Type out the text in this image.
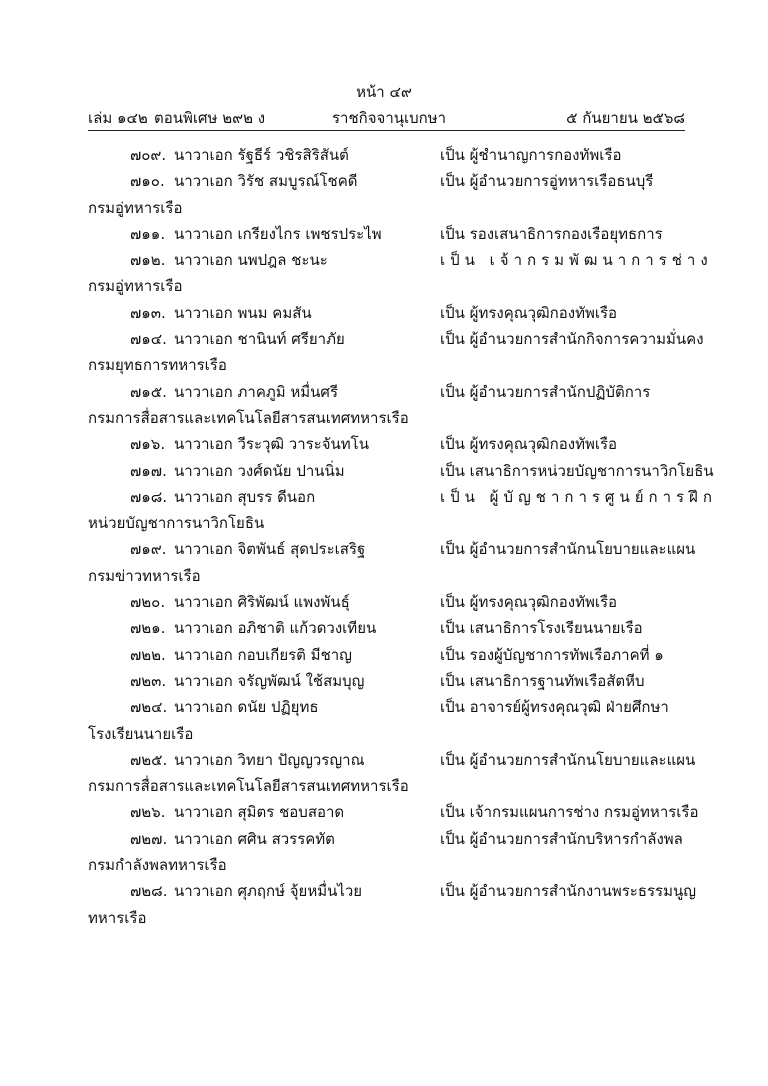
หน้า ๔๙
เล่ม ๑๔๒ ตอนพิเศษ ๒๙๒ ง	ราชกิจจานุเบกษา	๕ กันยายน ๒๕๖๘
๗๐๙. นาวาเอก รัฐธีร์ วชิรสิริสันต์	เป็น ผู้ชำนาญการกองทัพเรือ
๗๑๐. นาวาเอก วิรัช สมบูรณ์โชคดี	เป็น ผู้อำนวยการอู่ทหารเรือธนบุรี
กรมอู่ทหารเรือ
๗๑๑. นาวาเอก เกรียงไกร เพชรประไพ	เป็น รองเสนาธิการกองเรือยุทธการ
๗๑๒. นาวาเอก นพปฎล ชะนะ	เป็น เจ้ากรมพัฒนาการช่าง
กรมอู่ทหารเรือ
๗๑๓. นาวาเอก พนม คมสัน	เป็น ผู้ทรงคุณวุฒิกองทัพเรือ
๗๑๔. นาวาเอก ชานินท์ ศรียาภัย	เป็น ผู้อำนวยการสำนักกิจการความมั่นคง
กรมยุทธการทหารเรือ
๗๑๕. นาวาเอก ภาคภูมิ หมื่นศรี	เป็น ผู้อำนวยการสำนักปฏิบัติการ
กรมการสื่อสารและเทคโนโลยีสารสนเทศทหารเรือ
๗๑๖. นาวาเอก วีระวุฒิ วาระจันทโน	เป็น ผู้ทรงคุณวุฒิกองทัพเรือ
๗๑๗. นาวาเอก วงศ์ดนัย ปานนิ่ม	เป็น เสนาธิการหน่วยบัญชาการนาวิกโยธิน
๗๑๘. นาวาเอก สุบรร ดีนอก	เป็น ผู้บัญชาการศูนย์การฝึก
หน่วยบัญชาการนาวิกโยธิน
๗๑๙. นาวาเอก จิตพันธ์ สุดประเสริฐ	เป็น ผู้อำนวยการสำนักนโยบายและแผน
กรมข่าวทหารเรือ
๗๒๐. นาวาเอก ศิริพัฒน์ แพงพันธุ์	เป็น ผู้ทรงคุณวุฒิกองทัพเรือ
๗๒๑. นาวาเอก อภิชาติ แก้วดวงเทียน	เป็น เสนาธิการโรงเรียนนายเรือ
๗๒๒. นาวาเอก กอบเกียรติ มีชาญ	เป็น รองผู้บัญชาการทัพเรือภาคที่ ๑
๗๒๓. นาวาเอก จรัญพัฒน์ ใช้สมบุญ	เป็น เสนาธิการฐานทัพเรือสัตหีบ
๗๒๔. นาวาเอก ดนัย ปฏิยุทธ	เป็น อาจารย์ผู้ทรงคุณวุฒิ ฝ่ายศึกษา
โรงเรียนนายเรือ
๗๒๕. นาวาเอก วิทยา ปัญญวรญาณ	เป็น ผู้อำนวยการสำนักนโยบายและแผน
กรมการสื่อสารและเทคโนโลยีสารสนเทศทหารเรือ
๗๒๖. นาวาเอก สุมิตร ชอบสอาด	เป็น เจ้ากรมแผนการช่าง กรมอู่ทหารเรือ
๗๒๗. นาวาเอก ศศิน สวรรคทัต	เป็น ผู้อำนวยการสำนักบริหารกำลังพล
กรมกำลังพลทหารเรือ
๗๒๘. นาวาเอก ศุภฤกษ์ จุ้ยหมื่นไวย	เป็น ผู้อำนวยการสำนักงานพระธรรมนูญ
ทหารเรือ
